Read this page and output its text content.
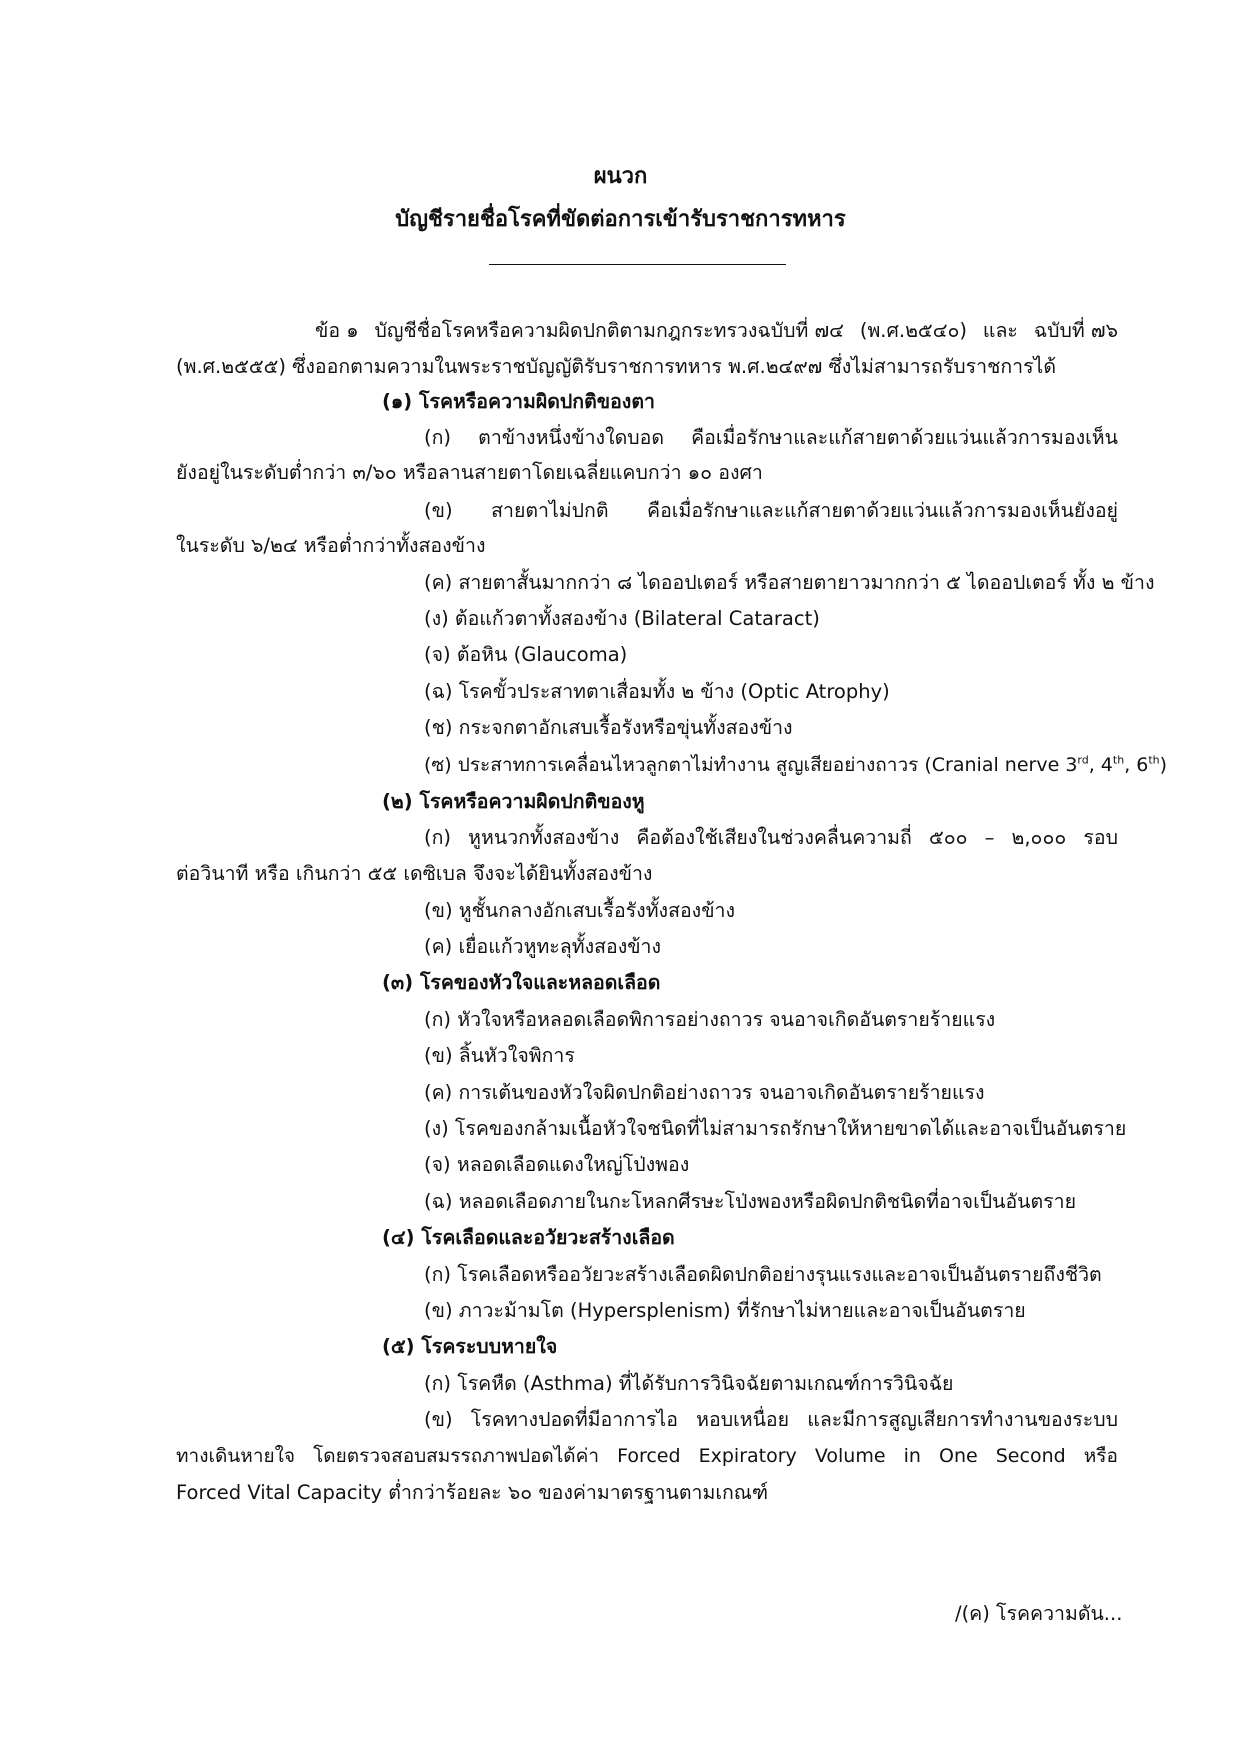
ผนวก
บัญชีรายชื่อโรคที่ขัดต่อการเข้ารับราชการทหาร
ข้อ ๑ บัญชีชื่อโรคหรือความผิดปกติตามกฎกระทรวงฉบับที่ ๗๔ (พ.ศ.๒๕๔๐) และ ฉบับที่ ๗๖
(พ.ศ.๒๕๕๕) ซึ่งออกตามความในพระราชบัญญัติรับราชการทหาร พ.ศ.๒๔๙๗ ซึ่งไม่สามารถรับราชการได้
(๑) โรคหรือความผิดปกติของตา
(ก) ตาข้างหนึ่งข้างใดบอด คือเมื่อรักษาและแก้สายตาด้วยแว่นแล้วการมองเห็น
ยังอยู่ในระดับต่ำกว่า ๓/๖๐ หรือลานสายตาโดยเฉลี่ยแคบกว่า ๑๐ องศา
(ข) สายตาไม่ปกติ คือเมื่อรักษาและแก้สายตาด้วยแว่นแล้วการมองเห็นยังอยู่
ในระดับ ๖/๒๔ หรือต่ำกว่าทั้งสองข้าง
(ค) สายตาสั้นมากกว่า ๘ ไดออปเตอร์ หรือสายตายาวมากกว่า ๕ ไดออปเตอร์ ทั้ง ๒ ข้าง
(ง) ต้อแก้วตาทั้งสองข้าง (Bilateral Cataract)
(จ) ต้อหิน (Glaucoma)
(ฉ) โรคขั้วประสาทตาเสื่อมทั้ง ๒ ข้าง (Optic Atrophy)
(ช) กระจกตาอักเสบเรื้อรังหรือขุ่นทั้งสองข้าง
(ซ) ประสาทการเคลื่อนไหวลูกตาไม่ทำงาน สูญเสียอย่างถาวร (Cranial nerve 3rd, 4th, 6th)
(๒) โรคหรือความผิดปกติของหู
(ก) หูหนวกทั้งสองข้าง คือต้องใช้เสียงในช่วงคลื่นความถี่ ๕๐๐ – ๒,๐๐๐ รอบ
ต่อวินาที หรือ เกินกว่า ๕๕ เดซิเบล จึงจะได้ยินทั้งสองข้าง
(ข) หูชั้นกลางอักเสบเรื้อรังทั้งสองข้าง
(ค) เยื่อแก้วหูทะลุทั้งสองข้าง
(๓) โรคของหัวใจและหลอดเลือด
(ก) หัวใจหรือหลอดเลือดพิการอย่างถาวร จนอาจเกิดอันตรายร้ายแรง
(ข) ลิ้นหัวใจพิการ
(ค) การเต้นของหัวใจผิดปกติอย่างถาวร จนอาจเกิดอันตรายร้ายแรง
(ง) โรคของกล้ามเนื้อหัวใจชนิดที่ไม่สามารถรักษาให้หายขาดได้และอาจเป็นอันตราย
(จ) หลอดเลือดแดงใหญ่โป่งพอง
(ฉ) หลอดเลือดภายในกะโหลกศีรษะโป่งพองหรือผิดปกติชนิดที่อาจเป็นอันตราย
(๔) โรคเลือดและอวัยวะสร้างเลือด
(ก) โรคเลือดหรืออวัยวะสร้างเลือดผิดปกติอย่างรุนแรงและอาจเป็นอันตรายถึงชีวิต
(ข) ภาวะม้ามโต (Hypersplenism) ที่รักษาไม่หายและอาจเป็นอันตราย
(๕) โรคระบบหายใจ
(ก) โรคหืด (Asthma) ที่ได้รับการวินิจฉัยตามเกณฑ์การวินิจฉัย
(ข) โรคทางปอดที่มีอาการไอ หอบเหนื่อย และมีการสูญเสียการทำงานของระบบ
ทางเดินหายใจ โดยตรวจสอบสมรรถภาพปอดได้ค่า Forced Expiratory Volume in One Second หรือ
Forced Vital Capacity ต่ำกว่าร้อยละ ๖๐ ของค่ามาตรฐานตามเกณฑ์
/(ค) โรคความดัน...
